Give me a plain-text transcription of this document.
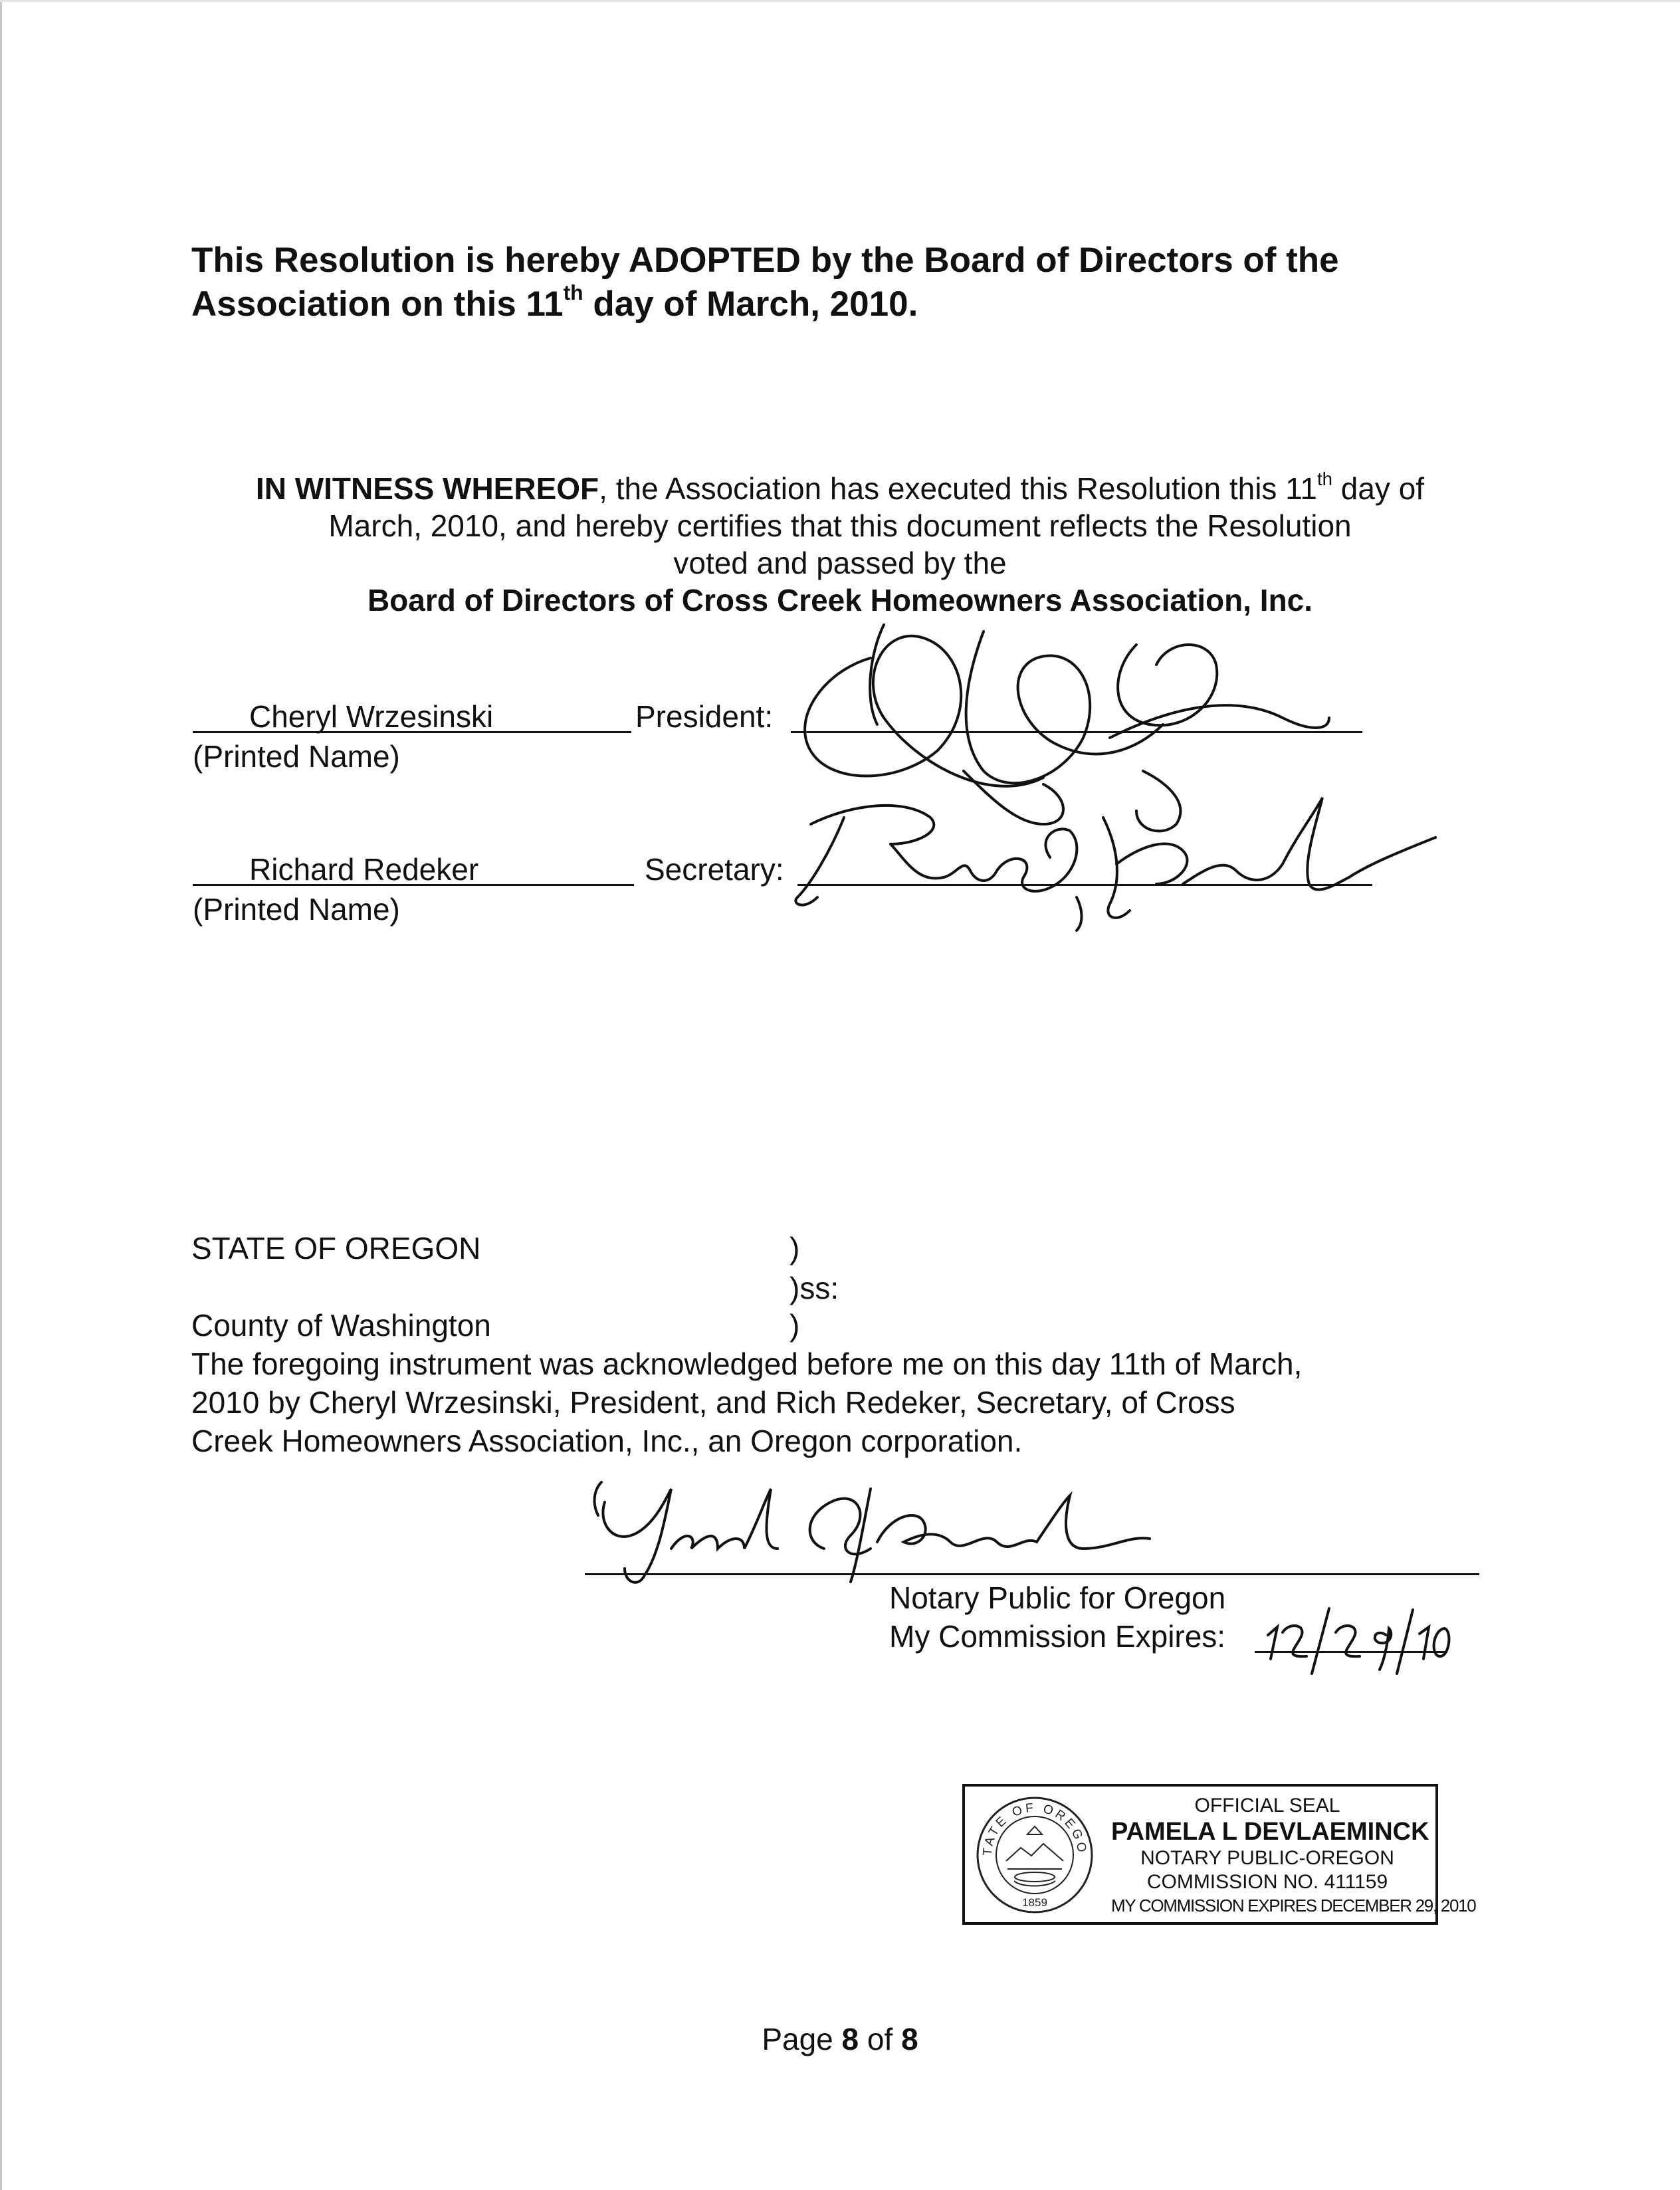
This Resolution is hereby ADOPTED by the Board of Directors of the
Association on this 11th day of March, 2010.
IN WITNESS WHEREOF, the Association has executed this Resolution this 11th day of
March, 2010, and hereby certifies that this document reflects the Resolution
voted and passed by the
Board of Directors of Cross Creek Homeowners Association, Inc.
Cheryl Wrzesinski	President:
(Printed Name)
Richard Redeker	Secretary:
(Printed Name)
STATE OF OREGON	)
)ss:
County of Washington	)
The foregoing instrument was acknowledged before me on this day 11th of March,
2010 by Cheryl Wrzesinski, President, and Rich Redeker, Secretary, of Cross
Creek Homeowners Association, Inc., an Oregon corporation.
Notary Public for Oregon
My Commission Expires:
STATE OF OREGON
1859
OFFICIAL SEAL
PAMELA L DEVLAEMINCK
NOTARY PUBLIC-OREGON
COMMISSION NO. 411159
MY COMMISSION EXPIRES DECEMBER 29, 2010
Page 8 of 8
